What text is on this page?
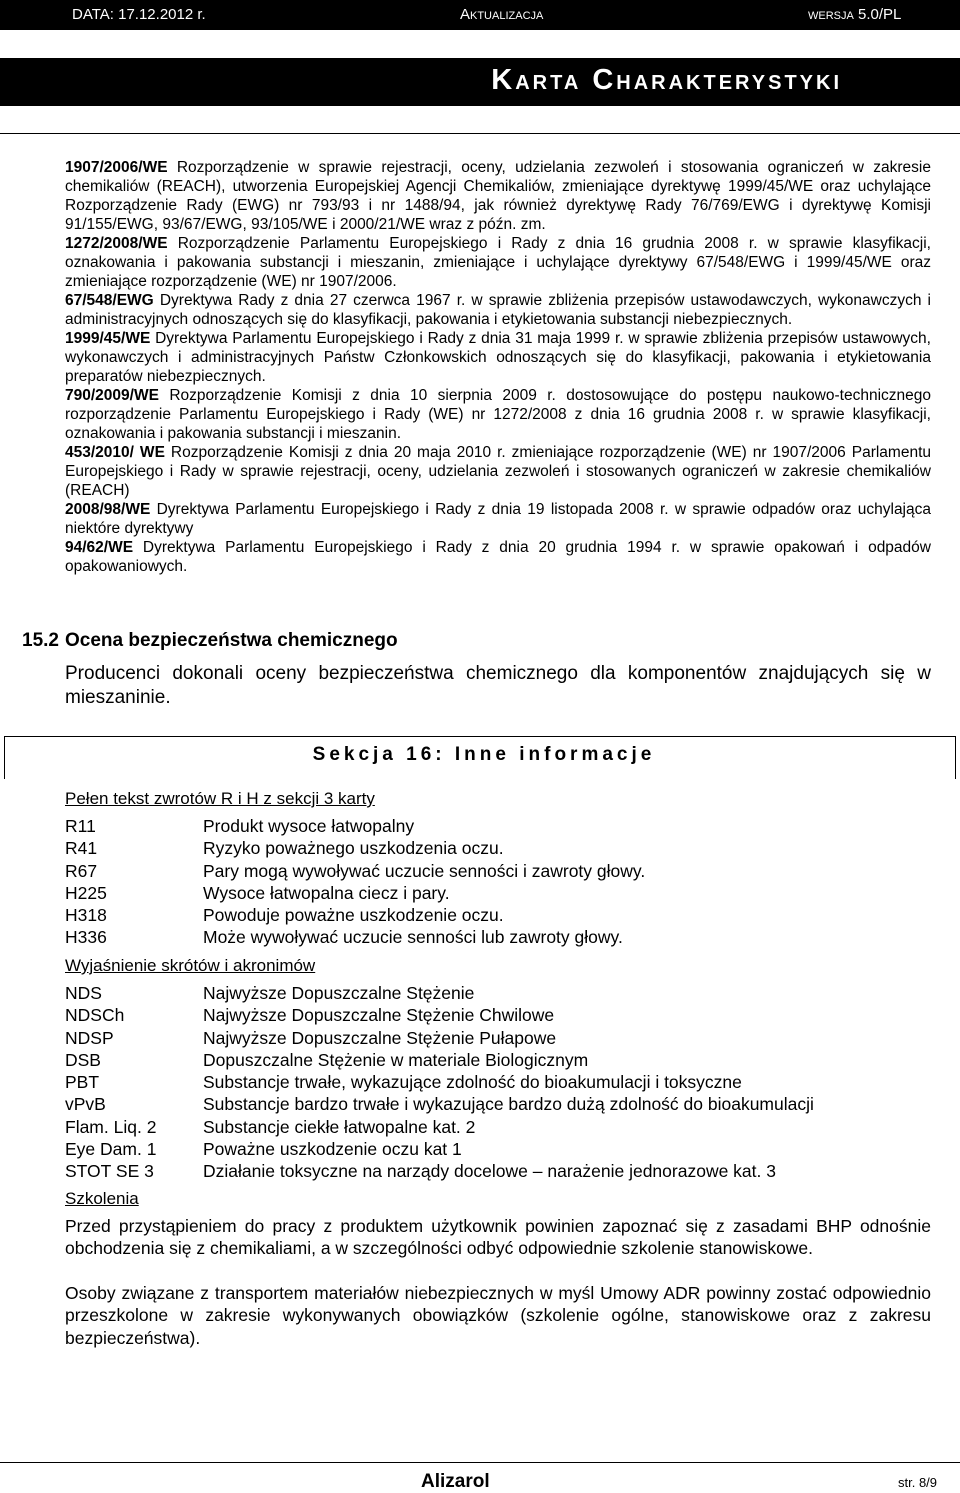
DATA: 17.12.2012 r.	Aktualizacja	wersja 5.0/PL
Karta Charakterystyki

1907/2006/WE Rozporządzenie w sprawie rejestracji, oceny, udzielania zezwoleń i stosowania ograniczeń w zakresie chemikaliów (REACH), utworzenia Europejskiej Agencji Chemikaliów, zmieniające dyrektywę 1999/45/WE oraz uchylające Rozporządzenie Rady (EWG) nr 793/93 i nr 1488/94, jak również dyrektywę Rady 76/769/EWG i dyrektywę Komisji 91/155/EWG, 93/67/EWG, 93/105/WE i 2000/21/WE wraz z późn. zm.

1272/2008/WE Rozporządzenie Parlamentu Europejskiego i Rady z dnia 16 grudnia 2008 r. w sprawie klasyfikacji, oznakowania i pakowania substancji i mieszanin, zmieniające i uchylające dyrektywy 67/548/EWG i 1999/45/WE oraz zmieniające rozporządzenie (WE) nr 1907/2006.

67/548/EWG Dyrektywa Rady z dnia 27 czerwca 1967 r. w sprawie zbliżenia przepisów ustawodawczych, wykonawczych i administracyjnych odnoszących się do klasyfikacji, pakowania i etykietowania substancji niebezpiecznych.

1999/45/WE Dyrektywa Parlamentu Europejskiego i Rady z dnia 31 maja 1999 r. w sprawie zbliżenia przepisów ustawowych, wykonawczych i administracyjnych Państw Członkowskich odnoszących się do klasyfikacji, pakowania i etykietowania preparatów niebezpiecznych.

790/2009/WE Rozporządzenie Komisji z dnia 10 sierpnia 2009 r. dostosowujące do postępu naukowo-technicznego rozporządzenie Parlamentu Europejskiego i Rady (WE) nr 1272/2008 z dnia 16 grudnia 2008 r. w sprawie klasyfikacji, oznakowania i pakowania substancji i mieszanin.

453/2010/ WE Rozporządzenie Komisji z dnia 20 maja 2010 r. zmieniające rozporządzenie (WE) nr 1907/2006 Parlamentu Europejskiego i Rady w sprawie rejestracji, oceny, udzielania zezwoleń i stosowanych ograniczeń w zakresie chemikaliów (REACH)

2008/98/WE Dyrektywa Parlamentu Europejskiego i Rady z dnia 19 listopada 2008 r. w sprawie odpadów oraz uchylająca niektóre dyrektywy

94/62/WE Dyrektywa Parlamentu Europejskiego i Rady z dnia 20 grudnia 1994 r. w sprawie opakowań i odpadów opakowaniowych.

15.2 Ocena bezpieczeństwa chemicznego
Producenci dokonali oceny bezpieczeństwa chemicznego dla komponentów znajdujących się w mieszaninie.
Sekcja 16: Inne informacje
Pełen tekst zwrotów R i H z sekcji 3 karty
R11	Produkt wysoce łatwopalny
R41	Ryzyko poważnego uszkodzenia oczu.
R67	Pary mogą wywoływać uczucie senności i zawroty głowy.
H225	Wysoce łatwopalna ciecz i pary.
H318	Powoduje poważne uszkodzenie oczu.
H336	Może wywoływać uczucie senności lub zawroty głowy.
Wyjaśnienie skrótów i akronimów
NDS	Najwyższe Dopuszczalne Stężenie
NDSCh	Najwyższe Dopuszczalne Stężenie Chwilowe
NDSP	Najwyższe Dopuszczalne Stężenie Pułapowe
DSB	Dopuszczalne Stężenie w materiale Biologicznym
PBT	Substancje trwałe, wykazujące zdolność do bioakumulacji i toksyczne
vPvB	Substancje bardzo trwałe i wykazujące bardzo dużą zdolność do bioakumulacji
Flam. Liq. 2	Substancje ciekłe łatwopalne kat. 2
Eye Dam. 1	Poważne uszkodzenie oczu kat 1
STOT SE 3	Działanie toksyczne na narządy docelowe – narażenie jednorazowe kat. 3
Szkolenia
Przed przystąpieniem do pracy z produktem użytkownik powinien zapoznać się z zasadami BHP odnośnie obchodzenia się z chemikaliami, a w szczególności odbyć odpowiednie szkolenie stanowiskowe.
Osoby związane z transportem materiałów niebezpiecznych w myśl Umowy ADR powinny zostać odpowiednio przeszkolone w zakresie wykonywanych obowiązków (szkolenie ogólne, stanowiskowe oraz z zakresu bezpieczeństwa).
Alizarol	str. 8/9
